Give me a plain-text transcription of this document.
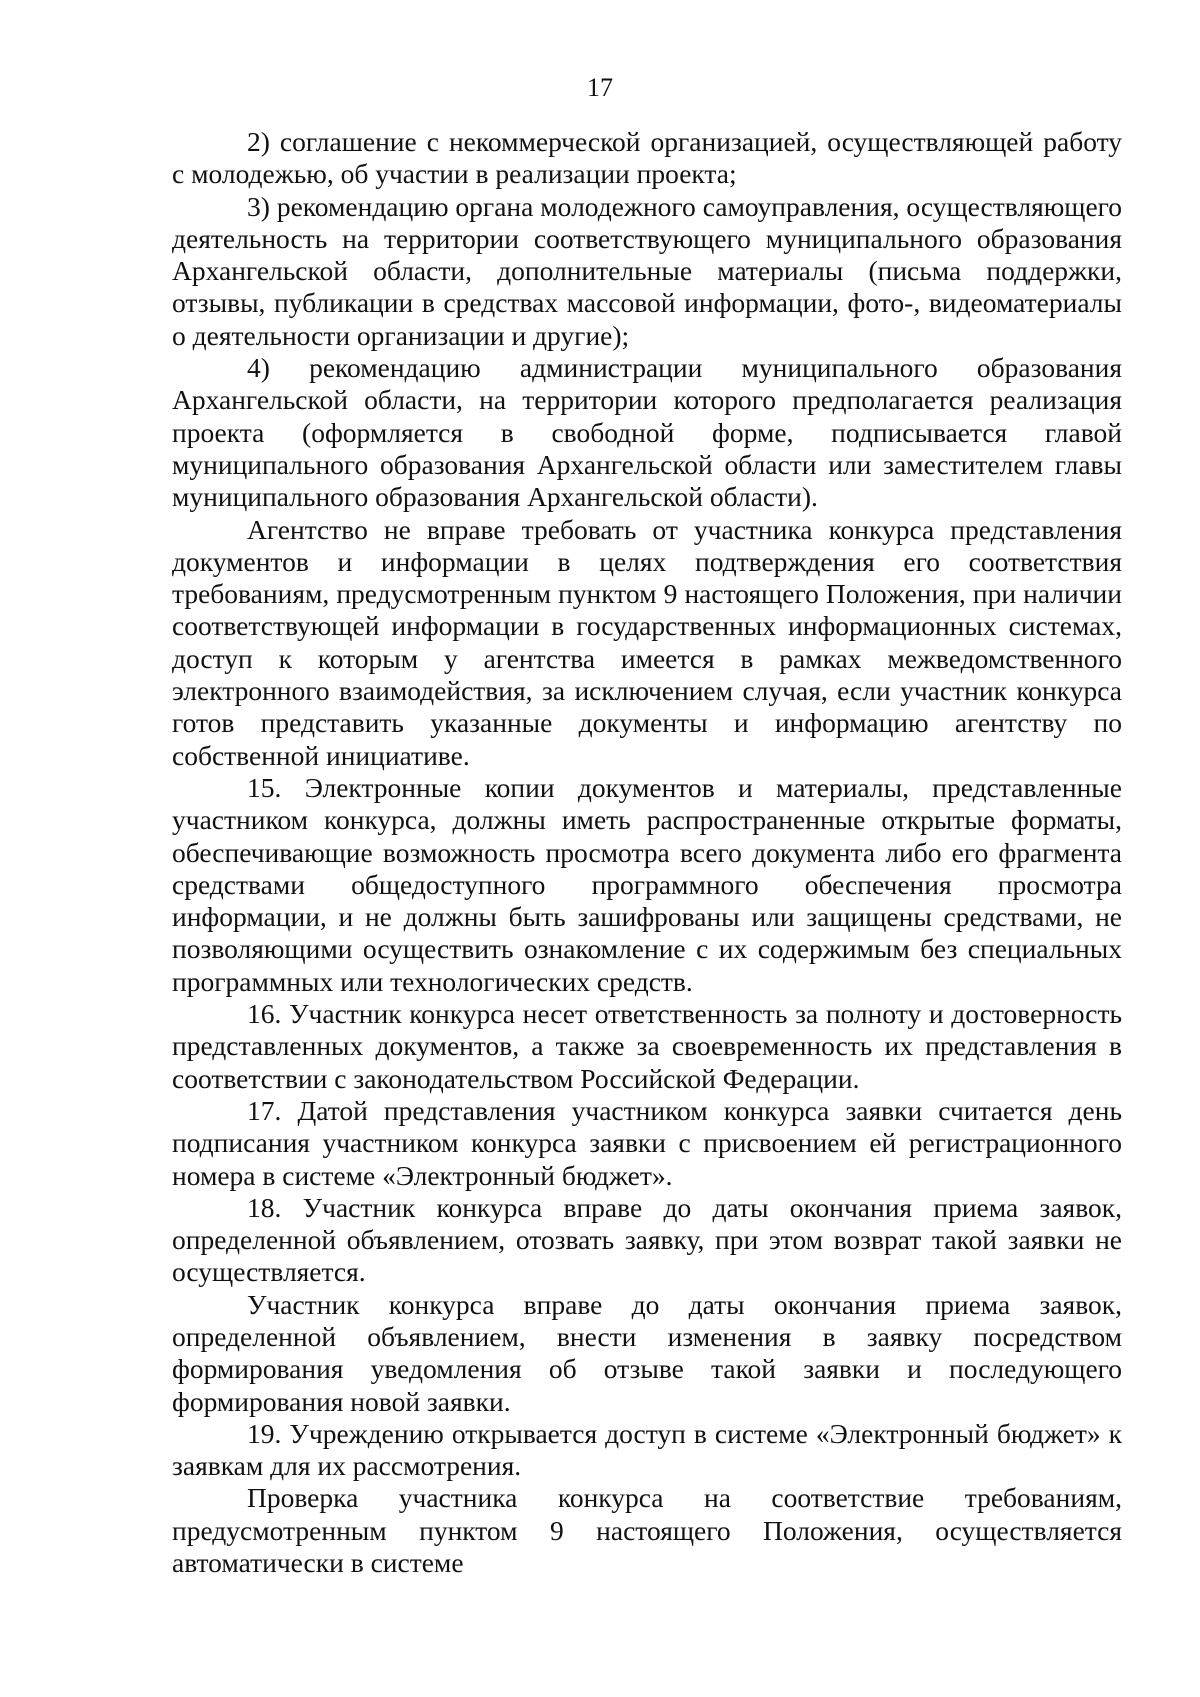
17

2) соглашение с некоммерческой организацией, осуществляющей работу с молодежью, об участии в реализации проекта;

3) рекомендацию органа молодежного самоуправления, осуществляющего деятельность на территории соответствующего муниципального образования Архангельской области, дополнительные материалы (письма поддержки, отзывы, публикации в средствах массовой информации, фото-, видеоматериалы о деятельности организации и другие);

4) рекомендацию администрации муниципального образования Архангельской области, на территории которого предполагается реализация проекта (оформляется в свободной форме, подписывается главой муниципального образования Архангельской области или заместителем главы муниципального образования Архангельской области).

Агентство не вправе требовать от участника конкурса представления документов и информации в целях подтверждения его соответствия требованиям, предусмотренным пунктом 9 настоящего Положения, при наличии соответствующей информации в государственных информационных системах, доступ к которым у агентства имеется в рамках межведомственного электронного взаимодействия, за исключением случая, если участник конкурса готов представить указанные документы и информацию агентству по собственной инициативе.

15. Электронные копии документов и материалы, представленные участником конкурса, должны иметь распространенные открытые форматы, обеспечивающие возможность просмотра всего документа либо его фрагмента средствами общедоступного программного обеспечения просмотра информации, и не должны быть зашифрованы или защищены средствами, не позволяющими осуществить ознакомление с их содержимым без специальных программных или технологических средств.

16. Участник конкурса несет ответственность за полноту и достоверность представленных документов, а также за своевременность их представления в соответствии с законодательством Российской Федерации.

17. Датой представления участником конкурса заявки считается день подписания участником конкурса заявки с присвоением ей регистрационного номера в системе «Электронный бюджет».

18. Участник конкурса вправе до даты окончания приема заявок, определенной объявлением, отозвать заявку, при этом возврат такой заявки не осуществляется.

Участник конкурса вправе до даты окончания приема заявок, определенной объявлением, внести изменения в заявку посредством формирования уведомления об отзыве такой заявки и последующего формирования новой заявки.

19. Учреждению открывается доступ в системе «Электронный бюджет» к заявкам для их рассмотрения.

Проверка участника конкурса на соответствие требованиям, предусмотренным пунктом 9 настоящего Положения, осуществляется автоматически в системе
